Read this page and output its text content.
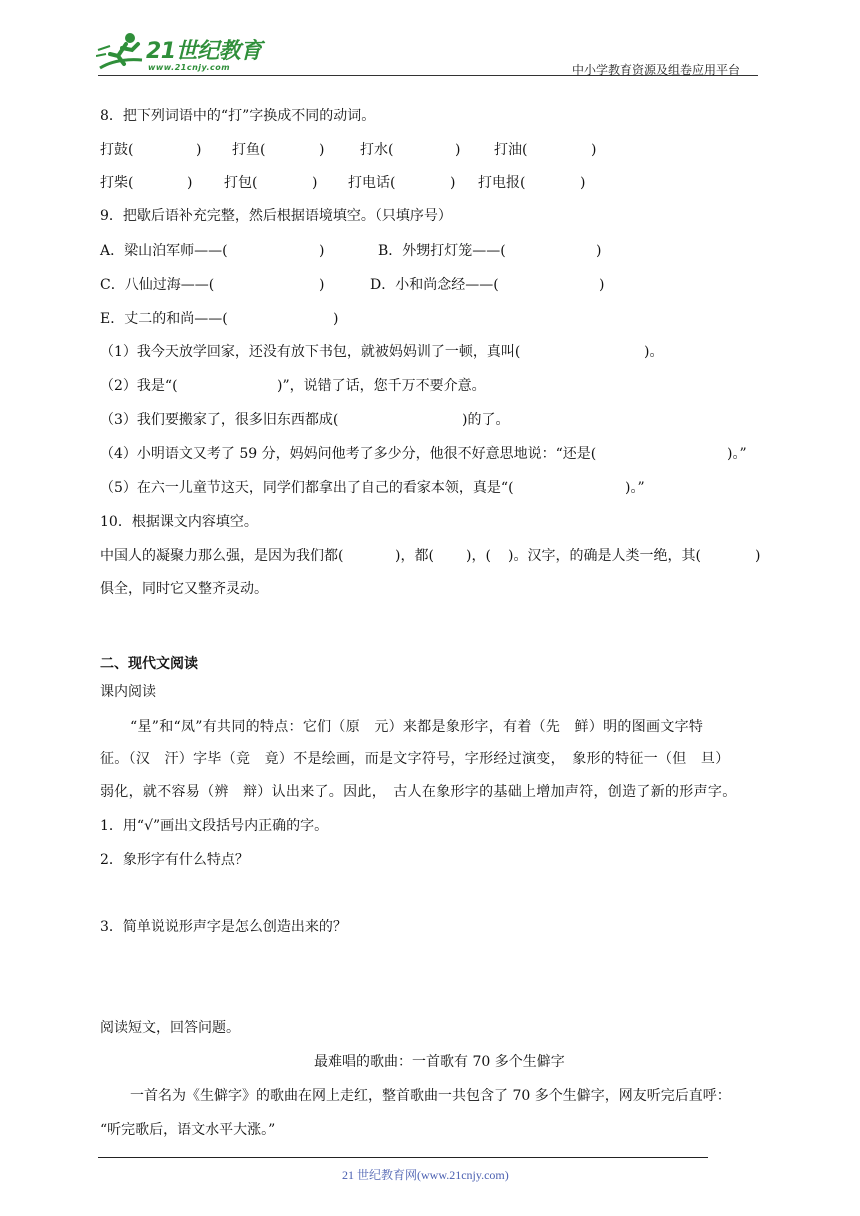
21世纪教育
www.21cnjy.com	中小学教育资源及组卷应用平台
8．把下列词语中的“打”字换成不同的动词。
打鼓(	) 打鱼(	)	打水(	) 打油(	)
打柴(	) 打包(	) 打电话(	) 打电报(	)
9．把歇后语补充完整，然后根据语境填空。（只填序号）
A．梁山泊军师——(	)	B．外甥打灯笼——(	)
C．八仙过海——(	)	D．小和尚念经——(	)
E．丈二的和尚——(	)
（1）我今天放学回家，还没有放下书包，就被妈妈训了一顿，真叫(	)。
（2）我是“(	)”，说错了话，您千万不要介意。
（3）我们要搬家了，很多旧东西都成(	)的了。
（4）小明语文又考了 59 分，妈妈问他考了多少分，他很不好意思地说：“还是(	)。”
（5）在六一儿童节这天，同学们都拿出了自己的看家本领，真是“(	)。”
10．根据课文内容填空。
中国人的凝聚力那么强，是因为我们都(	)，都( )，( )。汉字，的确是人类一绝，其(	)
俱全，同时它又整齐灵动。
二、现代文阅读
课内阅读
“星”和“凤”有共同的特点：它们（原　元）来都是象形字，有着（先　鲜）明的图画文字特
征。（汉　汗）字毕（竞　竟）不是绘画，而是文字符号，字形经过演变，　象形的特征一（但　旦）
弱化，就不容易（辨　辩）认出来了。因此，　古人在象形字的基础上增加声符，创造了新的形声字。
1．用“√”画出文段括号内正确的字。
2．象形字有什么特点？
3．简单说说形声字是怎么创造出来的？
阅读短文，回答问题。
最难唱的歌曲：一首歌有 70 多个生僻字
一首名为《生僻字》的歌曲在网上走红，整首歌曲一共包含了 70 多个生僻字，网友听完后直呼：
“听完歌后，语文水平大涨。”
21 世纪教育网(www.21cnjy.com)
